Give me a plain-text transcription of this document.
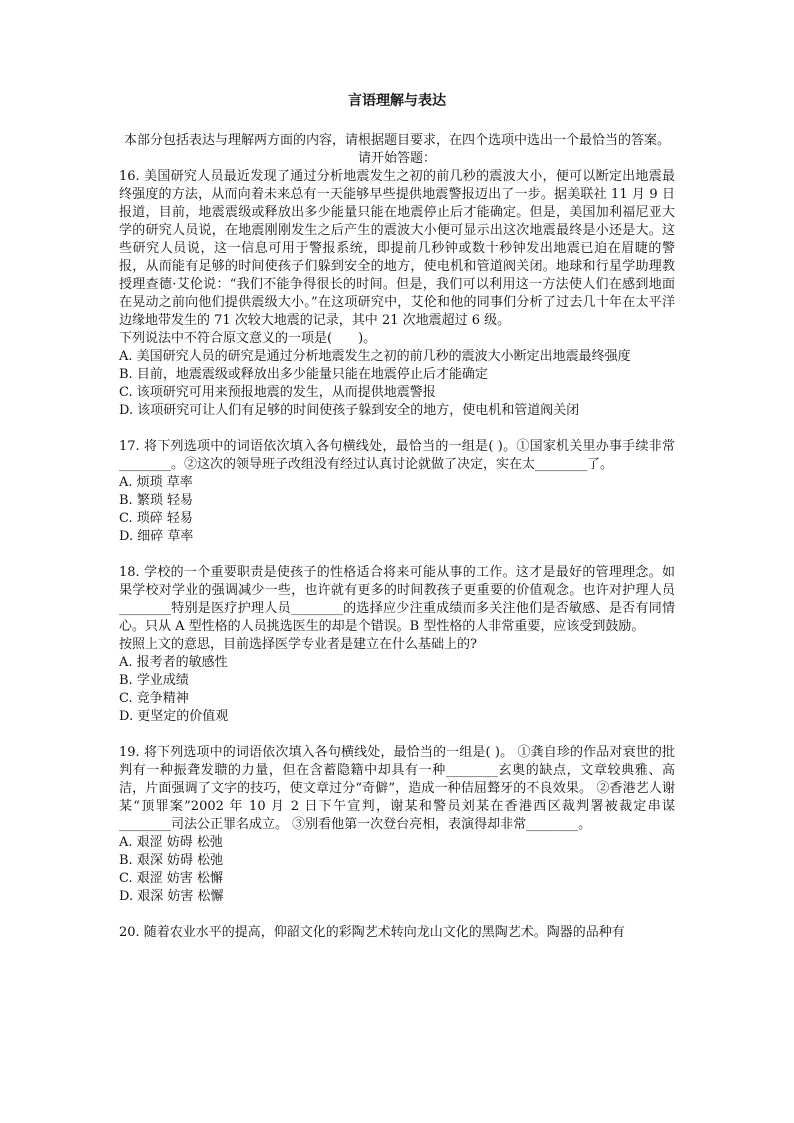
言语理解与表达

本部分包括表达与理解两方面的内容，请根据题目要求，在四个选项中选出一个最恰当的答案。请开始答题：

16. 美国研究人员最近发现了通过分析地震发生之初的前几秒的震波大小，便可以断定出地震最终强度的方法，从而向着未来总有一天能够早些提供地震警报迈出了一步。据美联社 11 月 9 日报道，目前，地震震级或释放出多少能量只能在地震停止后才能确定。但是，美国加利福尼亚大学的研究人员说，在地震刚刚发生之后产生的震波大小便可显示出这次地震最终是小还是大。这些研究人员说，这一信息可用于警报系统，即提前几秒钟或数十秒钟发出地震已迫在眉睫的警报，从而能有足够的时间使孩子们躲到安全的地方，使电机和管道阀关闭。地球和行星学助理教授理查德·艾伦说：“我们不能争得很长的时间。但是，我们可以利用这一方法使人们在感到地面在晃动之前向他们提供震级大小。”在这项研究中，艾伦和他的同事们分析了过去几十年在太平洋边缘地带发生的 71 次较大地震的记录，其中 21 次地震超过 6 级。

下列说法中不符合原文意义的一项是(　　)。

A. 美国研究人员的研究是通过分析地震发生之初的前几秒的震波大小断定出地震最终强度

B. 目前，地震震级或释放出多少能量只能在地震停止后才能确定

C. 该项研究可用来预报地震的发生，从而提供地震警报

D. 该项研究可让人们有足够的时间使孩子躲到安全的地方，使电机和管道阀关闭

17. 将下列选项中的词语依次填入各句横线处，最恰当的一组是( )。①国家机关里办事手续非常________。②这次的领导班子改组没有经过认真讨论就做了决定，实在太________了。

A. 烦琐 草率

B. 繁琐 轻易

C. 琐碎 轻易

D. 细碎 草率

18. 学校的一个重要职责是使孩子的性格适合将来可能从事的工作。这才是最好的管理理念。如果学校对学业的强调减少一些，也许就有更多的时间教孩子更重要的价值观念。也许对护理人员________特别是医疗护理人员________的选择应少注重成绩而多关注他们是否敏感、是否有同情心。只从 A 型性格的人员挑选医生的却是个错误。B 型性格的人非常重要，应该受到鼓励。

按照上文的意思，目前选择医学专业者是建立在什么基础上的?

A. 报考者的敏感性

B. 学业成绩

C. 竞争精神

D. 更坚定的价值观

19. 将下列选项中的词语依次填入各句横线处，最恰当的一组是( )。 ①龚自珍的作品对衰世的批判有一种振聋发聩的力量，但在含蓄隐籍中却具有一种________玄奥的缺点，文章较典雅、高洁，片面强调了文字的技巧，使文章过分“奇僻”，造成一种佶屈聱牙的不良效果。 ②香港艺人谢某“顶罪案”2002 年 10 月 2 日下午宣判，谢某和警员刘某在香港西区裁判署被裁定串谋________司法公正罪名成立。 ③别看他第一次登台亮相，表演得却非常________。

A. 艰涩 妨碍 松弛

B. 艰深 妨碍 松弛

C. 艰涩 妨害 松懈

D. 艰深 妨害 松懈

20. 随着农业水平的提高，仰韶文化的彩陶艺术转向龙山文化的黑陶艺术。陶器的品种有
